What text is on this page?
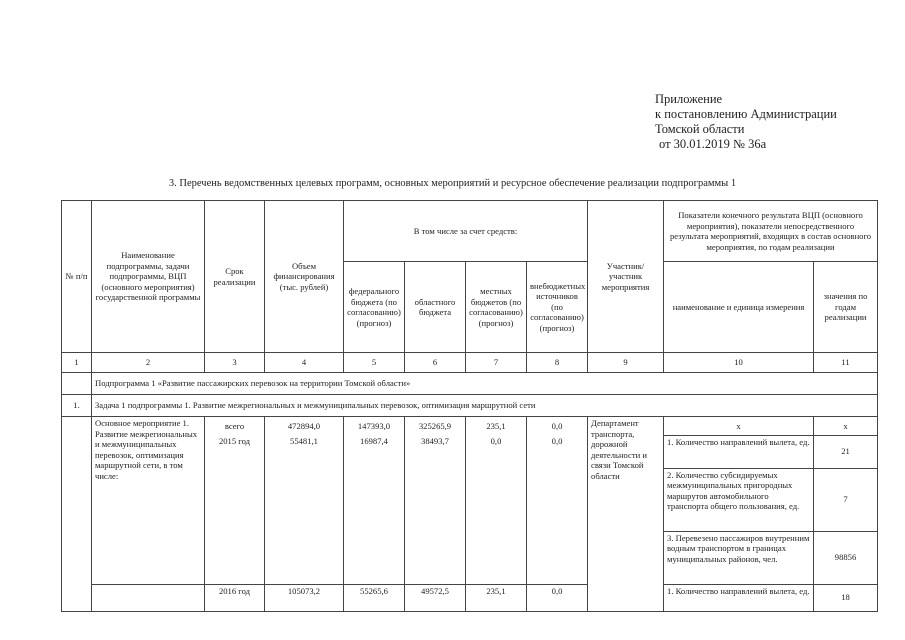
Приложение
к постановлению Администрации
Томской области
от 30.01.2019 № 36а
3. Перечень ведомственных целевых программ, основных мероприятий и ресурсное обеспечение реализации подпрограммы 1
№ п/п	Наименование подпрограммы, задачи подпрограммы, ВЦП (основного мероприятия) государственной программы	Срок реализации	Объем финансирования (тыс. рублей)	В том числе за счет средств:				Участник/ участник мероприятия	Показатели конечного результата ВЦП (основного мероприятия), показатели непосредственного результата мероприятий, входящих в состав основного мероприятия, по годам реализации	
				федерального бюджета (по согласованию) (прогноз)	областного бюджета	местных бюджетов (по согласованию) (прогноз)	внебюджетных источников (по согласованию) (прогноз)		наименование и единица измерения	значения по годам реализации
1	2	3	4	5	6	7	8	9	10	11
	Подпрограмма 1 «Развитие пассажирских перевозок на территории Томской области»									
1.	Задача 1 подпрограммы 1. Развитие межрегиональных и межмуниципальных перевозок, оптимизация маршрутной сети									
	Основное мероприятие 1. Развитие межрегиональных и межмуниципальных перевозок, оптимизация маршрутной сети, в том числе:	всего	472894,0	147393,0	325265,9	235,1	0,0	Департамент транспорта, дорожной деятельности и связи Томской области	х	х
		2015 год	55481,1	16987,4	38493,7	0,0	0,0		1. Количество направлений вылета, ед.	21
									2. Количество субсидируемых межмуниципальных пригородных маршрутов автомобильного транспорта общего пользования, ед.	7
									3. Перевезено пассажиров внутренним водным транспортом в границах муниципальных районов, чел.	98856
		2016 год	105073,2	55265,6	49572,5	235,1	0,0		1. Количество направлений вылета, ед.	18
